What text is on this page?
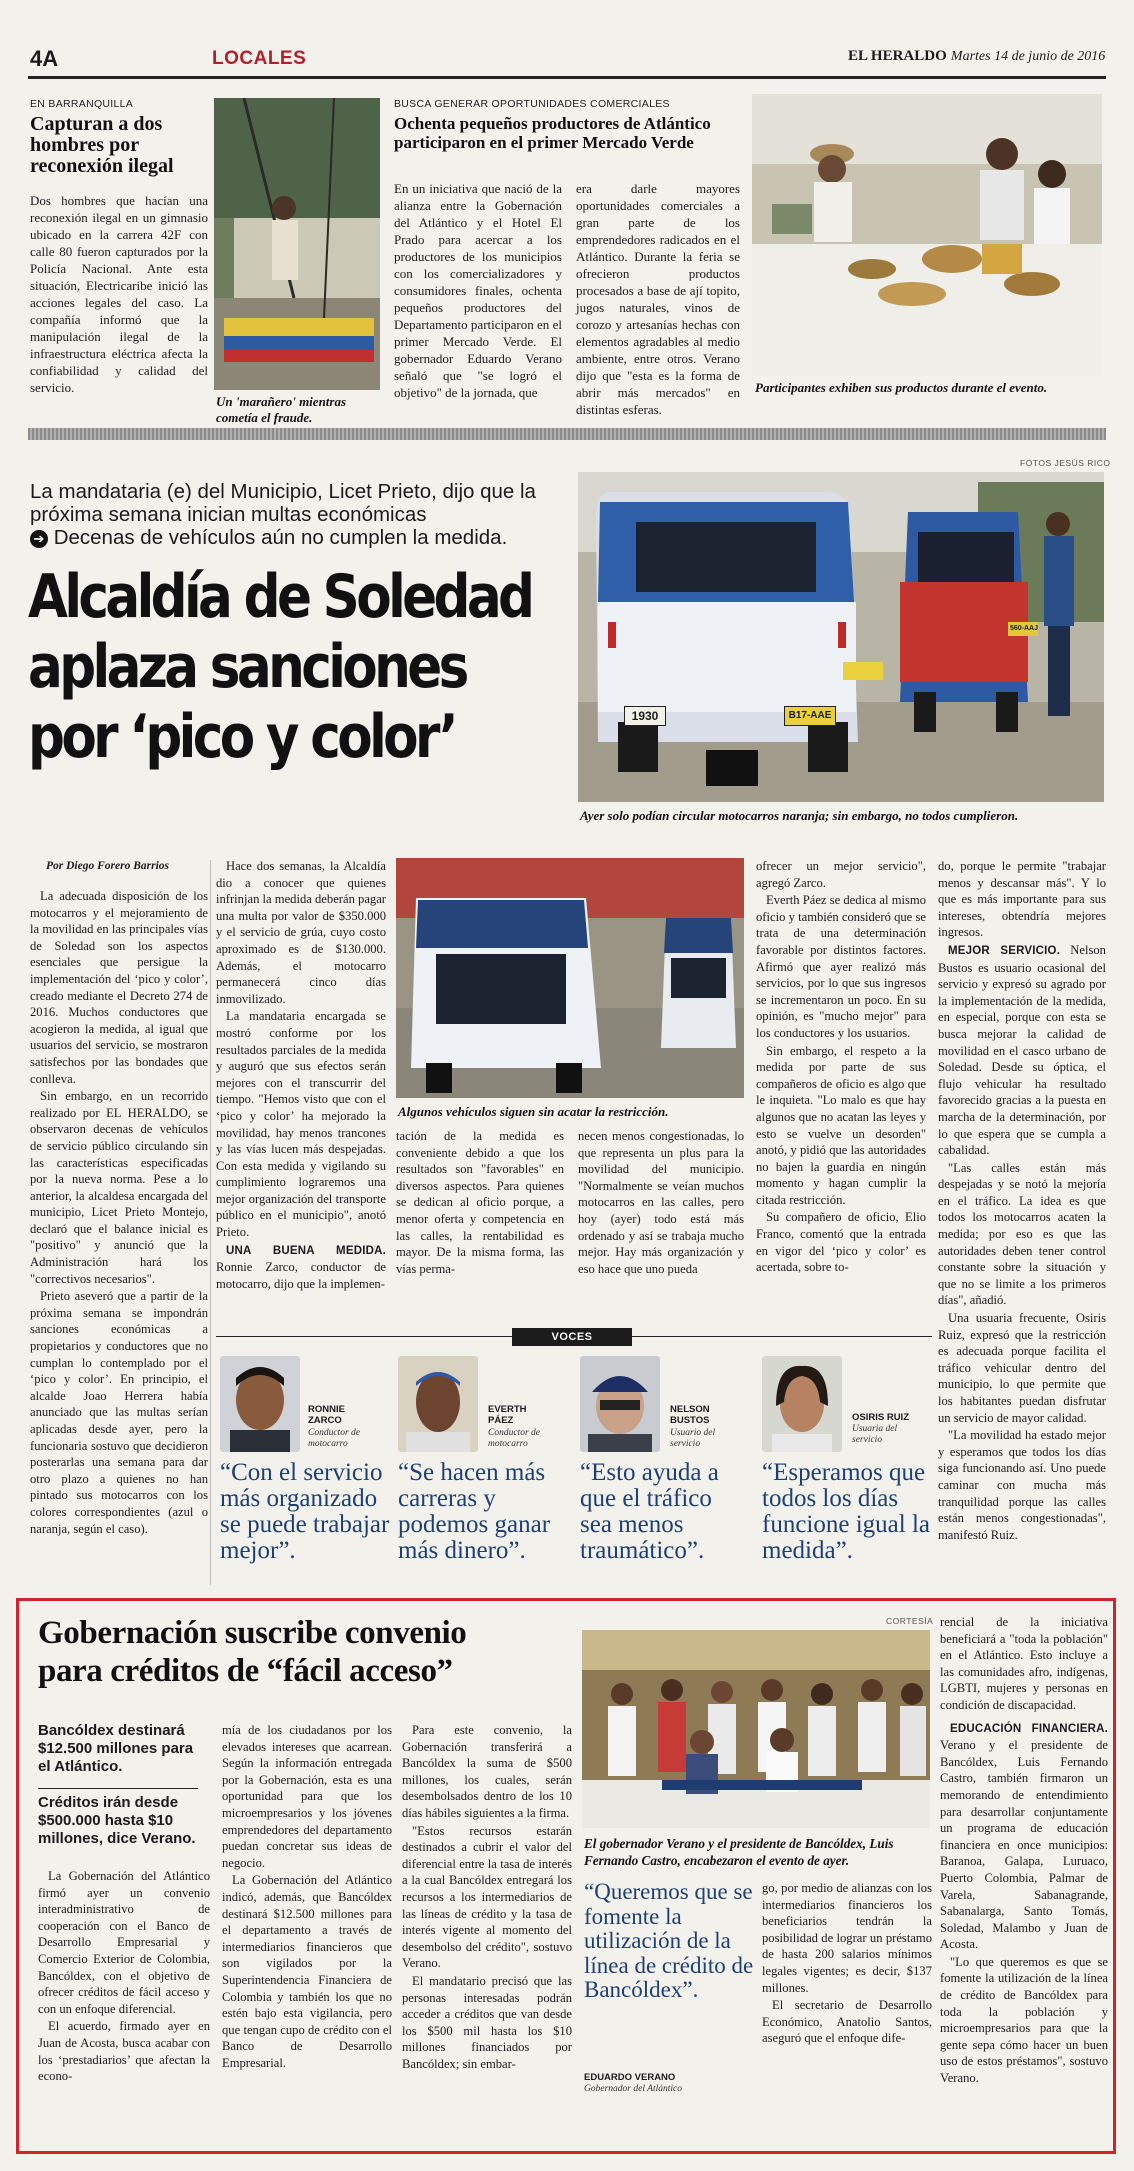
4A	LOCALES	EL HERALDO Martes 14 de junio de 2016
EN BARRANQUILLA
Capturan a dos hombres por reconexión ilegal
Dos hombres que hacían una reconexión ilegal en un gimnasio ubicado en la carrera 42F con calle 80 fueron capturados por la Policía Nacional. Ante esta situación, Electricaribe inició las acciones legales del caso. La compañía informó que la manipulación ilegal de la infraestructura eléctrica afecta la confiabilidad y calidad del servicio.
Un 'marañero' mientras cometía el fraude.
BUSCA GENERAR OPORTUNIDADES COMERCIALES
Ochenta pequeños productores de Atlántico participaron en el primer Mercado Verde
En un iniciativa que nació de la alianza entre la Gobernación del Atlántico y el Hotel El Prado para acercar a los productores de los municipios con los comercializadores y consumidores finales, ochenta pequeños productores del Departamento participaron en el primer Mercado Verde. El gobernador Eduardo Verano señaló que "se logró el objetivo" de la jornada, que
era darle mayores oportunidades comerciales a gran parte de los emprendedores radicados en el Atlántico. Durante la feria se ofrecieron productos procesados a base de ají topito, jugos naturales, vinos de corozo y artesanías hechas con elementos agradables al medio ambiente, entre otros. Verano dijo que "esta es la forma de abrir más mercados" en distintas esferas.
Participantes exhiben sus productos durante el evento.
FOTOS JESÚS RICO
La mandataria (e) del Municipio, Licet Prieto, dijo que la próxima semana inician multas económicas
➔ Decenas de vehículos aún no cumplen la medida.
Alcaldía de Soledad
aplaza sanciones
por ‘pico y color’	1930	B17-AAE
560-AAJ
Ayer solo podían circular motocarros naranja; sin embargo, no todos cumplieron.
Por Diego Forero Barrios

La adecuada disposición de los motocarros y el mejoramiento de la movilidad en las principales vías de Soledad son los aspectos esenciales que persigue la implementación del ‘pico y color’, creado mediante el Decreto 274 de 2016. Muchos conductores que acogieron la medida, al igual que usuarios del servicio, se mostraron satisfechos por las bondades que conlleva.

Sin embargo, en un recorrido realizado por EL HERALDO, se observaron decenas de vehículos de servicio público circulando sin las características especificadas por la nueva norma. Pese a lo anterior, la alcaldesa encargada del municipio, Licet Prieto Montejo, declaró que el balance inicial es "positivo" y anunció que la Administración hará los "correctivos necesarios".

Prieto aseveró que a partir de la próxima semana se impondrán sanciones económicas a propietarios y conductores que no cumplan lo contemplado por el ‘pico y color’. En principio, el alcalde Joao Herrera había anunciado que las multas serían aplicadas desde ayer, pero la funcionaria sostuvo que decidieron posterarlas una semana para dar otro plazo a quienes no han pintado sus motocarros con los colores correspondientes (azul o naranja, según el caso).

Hace dos semanas, la Alcaldía dio a conocer que quienes infrinjan la medida deberán pagar una multa por valor de $350.000 y el servicio de grúa, cuyo costo aproximado es de $130.000. Además, el motocarro permanecerá cinco días inmovilizado.

La mandataria encargada se mostró conforme por los resultados parciales de la medida y auguró que sus efectos serán mejores con el transcurrir del tiempo. "Hemos visto que con el ‘pico y color’ ha mejorado la movilidad, hay menos trancones y las vías lucen más despejadas. Con esta medida y vigilando su cumplimiento lograremos una mejor organización del transporte público en el municipio", anotó Prieto.

UNA BUENA MEDIDA. Ronnie Zarco, conductor de motocarro, dijo que la implemen-

Algunos vehículos siguen sin acatar la restricción.
tación de la medida es conveniente debido a que los resultados son "favorables" en diversos aspectos. Para quienes se dedican al oficio porque, a menor oferta y competencia en las calles, la rentabilidad es mayor. De la misma forma, las vías perma-
necen menos congestionadas, lo que representa un plus para la movilidad del municipio. "Normalmente se veían muchos motocarros en las calles, pero hoy (ayer) todo está más ordenado y así se trabaja mucho mejor. Hay más organización y eso hace que uno pueda

ofrecer un mejor servicio", agregó Zarco.

Everth Páez se dedica al mismo oficio y también consideró que se trata de una determinación favorable por distintos factores. Afirmó que ayer realizó más servicios, por lo que sus ingresos se incrementaron un poco. En su opinión, es "mucho mejor" para los conductores y los usuarios.

Sin embargo, el respeto a la medida por parte de sus compañeros de oficio es algo que le inquieta. "Lo malo es que hay algunos que no acatan las leyes y esto se vuelve un desorden" anotó, y pidió que las autoridades no bajen la guardia en ningún momento y hagan cumplir la citada restricción.

Su compañero de oficio, Elio Franco, comentó que la entrada en vigor del ‘pico y color’ es acertada, sobre to-

do, porque le permite "trabajar menos y descansar más". Y lo que es más importante para sus intereses, obtendría mejores ingresos.

MEJOR SERVICIO. Nelson Bustos es usuario ocasional del servicio y expresó su agrado por la implementación de la medida, en especial, porque con esta se busca mejorar la calidad de movilidad en el casco urbano de Soledad. Desde su óptica, el flujo vehicular ha resultado favorecido gracias a la puesta en marcha de la determinación, por lo que espera que se cumpla a cabalidad.

"Las calles están más despejadas y se notó la mejoría en el tráfico. La idea es que todos los motocarros acaten la medida; por eso es que las autoridades deben tener control constante sobre la situación y que no se limite a los primeros días", añadió.

Una usuaria frecuente, Osiris Ruiz, expresó que la restricción es adecuada porque facilita el tráfico vehicular dentro del municipio, lo que permite que los habitantes puedan disfrutar un servicio de mayor calidad.

"La movilidad ha estado mejor y esperamos que todos los días siga funcionando así. Uno puede caminar con mucha más tranquilidad porque las calles están menos congestionadas", manifestó Ruiz.

VOCES
RONNIE
ZARCO
Conductor de motocarro
“Con el servicio más organizado se puede trabajar mejor”.
EVERTH
PÁEZ
Conductor de motocarro
“Se hacen más carreras y podemos ganar más dinero”.
NELSON
BUSTOS
Usuario del servicio
“Esto ayuda a que el tráfico sea menos traumático”.
OSIRIS RUIZ
Usuaria del servicio
“Esperamos que todos los días funcione igual la medida”.
Gobernación suscribe convenio
para créditos de “fácil acceso”
CORTESÍA
Bancóldex destinará $12.500 millones para el Atlántico.
Créditos irán desde $500.000 hasta $10 millones, dice Verano.

La Gobernación del Atlántico firmó ayer un convenio interadministrativo de cooperación con el Banco de Desarrollo Empresarial y Comercio Exterior de Colombia, Bancóldex, con el objetivo de ofrecer créditos de fácil acceso y con un enfoque diferencial.

El acuerdo, firmado ayer en Juan de Acosta, busca acabar con los ‘prestadiarios’ que afectan la econo-

mía de los ciudadanos por los elevados intereses que acarrean. Según la información entregada por la Gobernación, esta es una oportunidad para que los microempresarios y los jóvenes emprendedores del departamento puedan concretar sus ideas de negocio.

La Gobernación del Atlántico indicó, además, que Bancóldex destinará $12.500 millones para el departamento a través de intermediarios financieros que son vigilados por la Superintendencia Financiera de Colombia y también los que no estén bajo esta vigilancia, pero que tengan cupo de crédito con el Banco de Desarrollo Empresarial.

Para este convenio, la Gobernación transferirá a Bancóldex la suma de $500 millones, los cuales, serán desembolsados dentro de los 10 días hábiles siguientes a la firma.

"Estos recursos estarán destinados a cubrir el valor del diferencial entre la tasa de interés a la cual Bancóldex entregará los recursos a los intermediarios de las líneas de crédito y la tasa de interés vigente al momento del desembolso del crédito", sostuvo Verano.

El mandatario precisó que las personas interesadas podrán acceder a créditos que van desde los $500 mil hasta los $10 millones financiados por Bancóldex; sin embar-

El gobernador Verano y el presidente de Bancóldex, Luis Fernando Castro, encabezaron el evento de ayer.
“Queremos que se fomente la utilización de la línea de crédito de Bancóldex”.
EDUARDO VERANO
Gobernador del Atlántico

go, por medio de alianzas con los intermediarios financieros los beneficiarios tendrán la posibilidad de lograr un préstamo de hasta 200 salarios mínimos legales vigentes; es decir, $137 millones.

El secretario de Desarrollo Económico, Anatolio Santos, aseguró que el enfoque dife-

rencial de la iniciativa beneficiará a "toda la población" en el Atlántico. Esto incluye a las comunidades afro, indígenas, LGBTI, mujeres y personas en condición de discapacidad.

EDUCACIÓN FINANCIERA. Verano y el presidente de Bancóldex, Luis Fernando Castro, también firmaron un memorando de entendimiento para desarrollar conjuntamente un programa de educación financiera en once municipios: Baranoa, Galapa, Luruaco, Puerto Colombia, Palmar de Varela, Sabanagrande, Sabanalarga, Santo Tomás, Soledad, Malambo y Juan de Acosta.

"Lo que queremos es que se fomente la utilización de la línea de crédito de Bancóldex para toda la población y microempresarios para que la gente sepa cómo hacer un buen uso de estos préstamos", sostuvo Verano.
